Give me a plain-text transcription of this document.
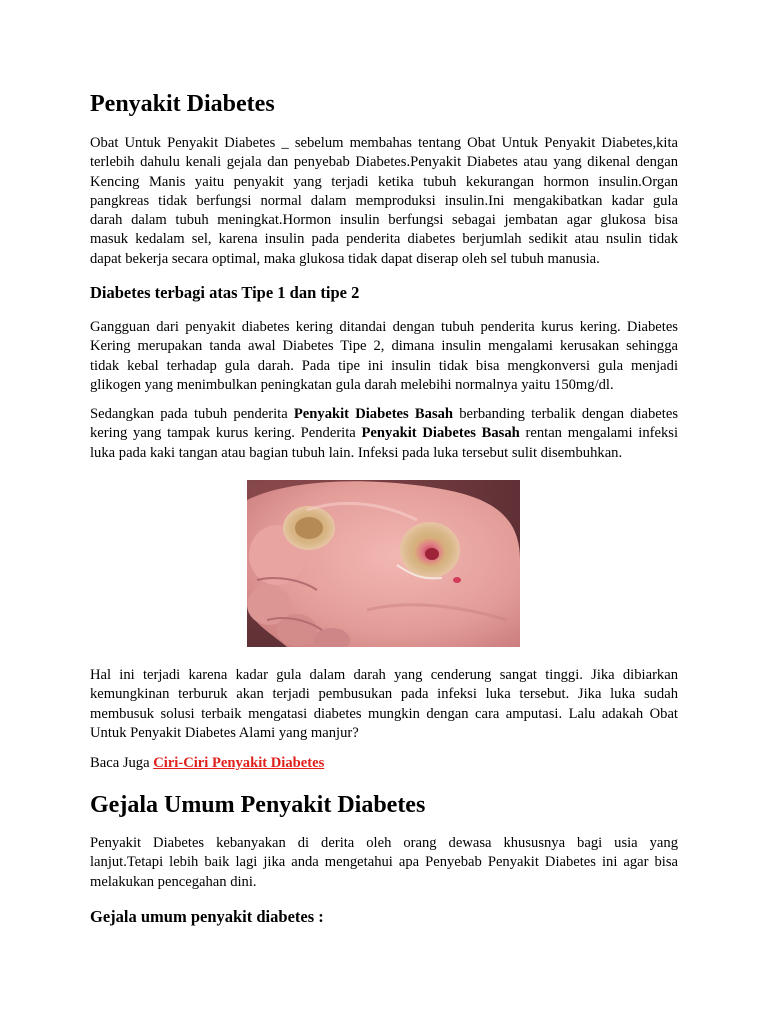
Penyakit Diabetes

Obat Untuk Penyakit Diabetes _ sebelum membahas tentang Obat Untuk Penyakit Diabetes,kita
terlebih dahulu kenali gejala dan penyebab Diabetes.Penyakit Diabetes atau yang dikenal dengan
Kencing Manis yaitu penyakit yang terjadi ketika tubuh kekurangan hormon insulin.Organ
pangkreas tidak berfungsi normal dalam memproduksi insulin.Ini mengakibatkan kadar gula
darah dalam tubuh meningkat.Hormon insulin berfungsi sebagai jembatan agar glukosa bisa
masuk kedalam sel, karena insulin pada penderita diabetes berjumlah sedikit atau nsulin tidak
dapat bekerja secara optimal, maka glukosa tidak dapat diserap oleh sel tubuh manusia.

Diabetes terbagi atas Tipe 1 dan tipe 2

Gangguan dari penyakit diabetes kering ditandai dengan tubuh penderita kurus kering. Diabetes
Kering merupakan tanda awal Diabetes Tipe 2, dimana insulin mengalami kerusakan sehingga
tidak kebal terhadap gula darah. Pada tipe ini insulin tidak bisa mengkonversi gula menjadi
glikogen yang menimbulkan peningkatan gula darah melebihi normalnya yaitu 150mg/dl.

Sedangkan pada tubuh penderita Penyakit Diabetes Basah berbanding terbalik dengan diabetes
kering yang tampak kurus kering. Penderita Penyakit Diabetes Basah rentan mengalami infeksi
luka pada kaki tangan atau bagian tubuh lain. Infeksi pada luka tersebut sulit disembuhkan.

Hal ini terjadi karena kadar gula dalam darah yang cenderung sangat tinggi. Jika dibiarkan
kemungkinan terburuk akan terjadi pembusukan pada infeksi luka tersebut. Jika luka sudah
membusuk solusi terbaik mengatasi diabetes mungkin dengan cara amputasi. Lalu adakah Obat
Untuk Penyakit Diabetes Alami yang manjur?

Baca Juga Ciri-Ciri Penyakit Diabetes

Gejala Umum Penyakit Diabetes

Penyakit Diabetes kebanyakan di derita oleh orang dewasa khususnya bagi usia yang
lanjut.Tetapi lebih baik lagi jika anda mengetahui apa Penyebab Penyakit Diabetes ini agar bisa
melakukan pencegahan dini.

Gejala umum penyakit diabetes :
